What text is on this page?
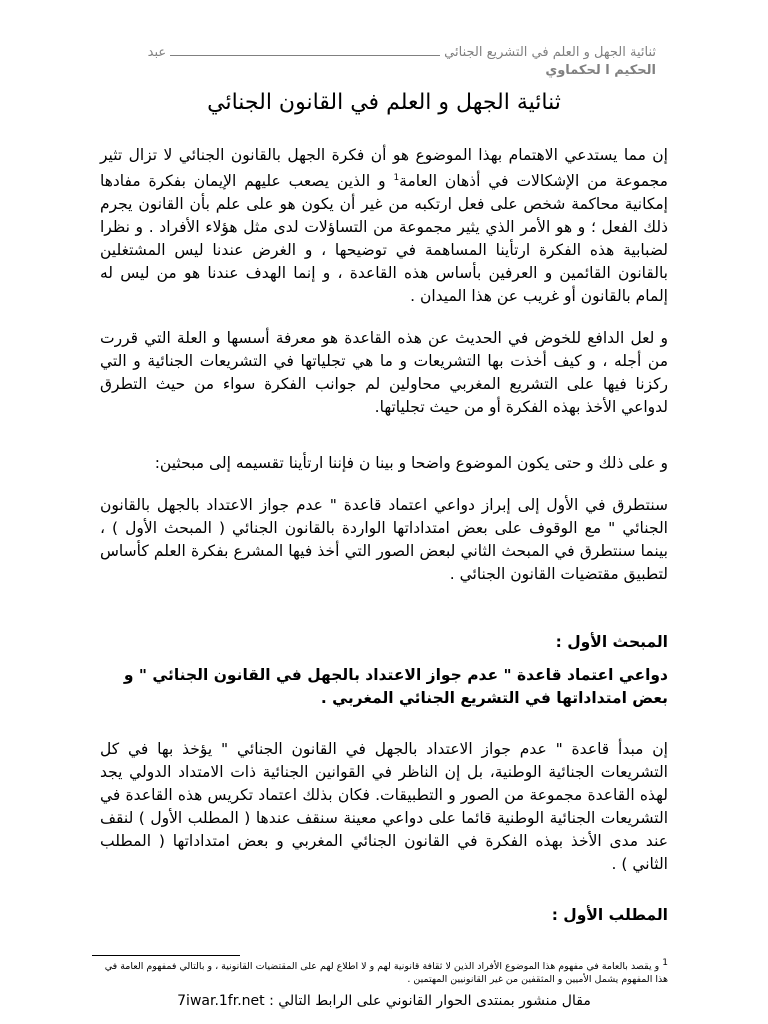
ثنائية الجهل و العلم في التشريع الجنائيعبد
الحكيم ا لحكماوي
ثنائية الجهل و العلم في القانون الجنائي
إن مما يستدعي الاهتمام بهذا الموضوع هو أن فكرة الجهل بالقانون الجنائي لا تزال تثير مجموعة من الإشكالات في أذهان العامة$^1$ و الذين يصعب عليهم الإيمان بفكرة مفادها إمكانية محاكمة شخص على فعل ارتكبه من غير أن يكون هو على علم بأن القانون يجرم ذلك الفعل ؛ و هو الأمر الذي يثير مجموعة من التساؤلات لدى مثل هؤلاء الأفراد . و نظرا لضبابية هذه الفكرة ارتأينا المساهمة في توضيحها ، و الغرض عندنا ليس المشتغلين بالقانون القائمين و العرفين بأساس هذه القاعدة ، و إنما الهدف عندنا هو من ليس له إلمام بالقانون أو غريب عن هذا الميدان .
و لعل الدافع للخوض في الحديث عن هذه القاعدة هو معرفة أسسها و العلة التي قررت من أجله ، و كيف أخذت بها التشريعات و ما هي تجلياتها في التشريعات الجنائية و التي ركزنا فيها على التشريع المغربي محاولين لم جوانب الفكرة سواء من حيث التطرق لدواعي الأخذ بهذه الفكرة أو من حيث تجلياتها.
و على ذلك و حتى يكون الموضوع واضحا و بينا ن فإننا ارتأينا تقسيمه إلى مبحثين:
سنتطرق في الأول إلى إبراز دواعي اعتماد قاعدة " عدم جواز الاعتداد بالجهل بالقانون الجنائي " مع الوقوف على بعض امتداداتها الواردة بالقانون الجنائي ( المبحث الأول ) ، بينما سنتطرق في المبحث الثاني لبعض الصور التي أخذ فيها المشرع بفكرة العلم كأساس لتطبيق مقتضيات القانون الجنائي .
المبحث الأول :
دواعي اعتماد قاعدة " عدم جواز الاعتداد بالجهل في القانون الجنائي " و بعض امتداداتها في التشريع الجنائي المغربي .
إن مبدأ قاعدة " عدم جواز الاعتداد بالجهل في القانون الجنائي " يؤخذ بها في كل التشريعات الجنائية الوطنية، بل إن الناظر في القوانين الجنائية ذات الامتداد الدولي يجد لهذه القاعدة مجموعة من الصور و التطبيقات. فكان بذلك اعتماد تكريس هذه القاعدة في التشريعات الجنائية الوطنية قائما على دواعي معينة سنقف عندها ( المطلب الأول ) لنقف عند مدى الأخذ بهذه الفكرة في القانون الجنائي المغربي و بعض امتداداتها ( المطلب الثاني ) .
المطلب الأول :
$^1$ و يقصد بالعامة في مفهوم هذا الموضوع الأفراد الذين لا ثقافة قانونية لهم و لا اطلاع لهم على المقتضيات القانونية ، و بالتالي فمفهوم العامة في هذا المفهوم يشمل الأميين و المثقفين من غير القانونيين المهتمين .
مقال منشور بمنتدى الحوار القانوني على الرابط التالي : 7iwar.1fr.net
